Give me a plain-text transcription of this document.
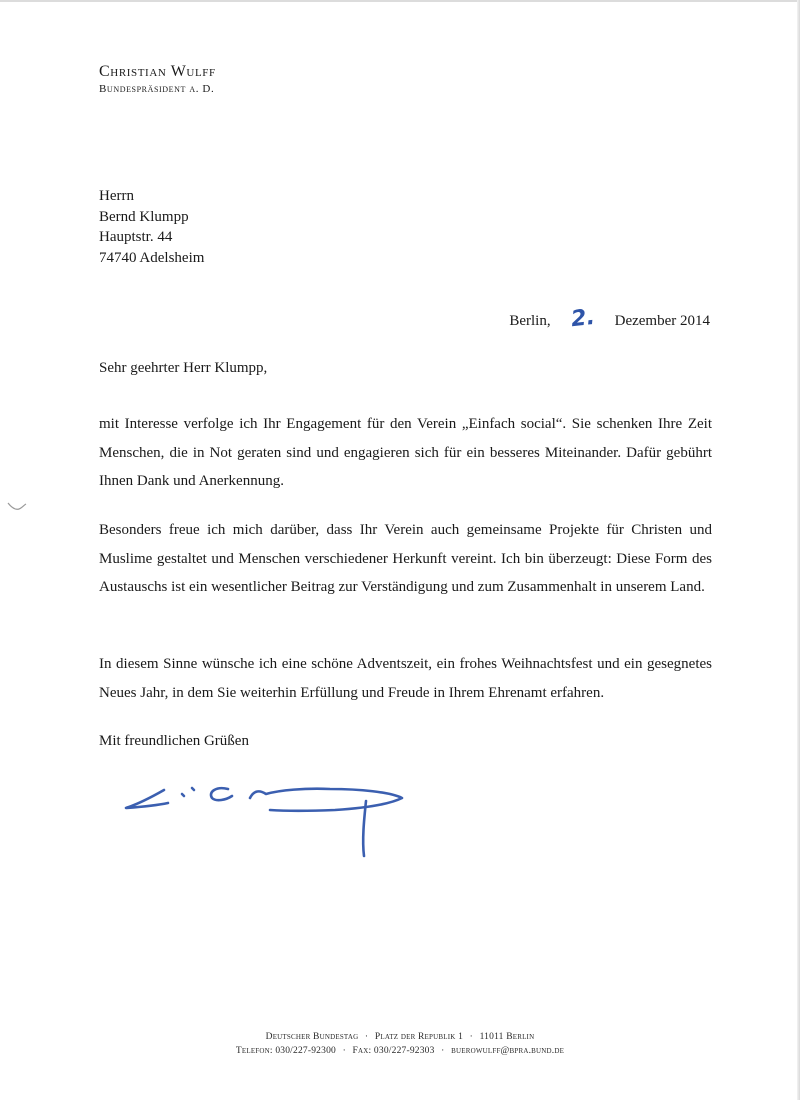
Christian Wulff
Bundespräsident a. D.
Herrn
Bernd Klumpp
Hauptstr. 44
74740 Adelsheim
Berlin, 2.	Dezember 2014
Sehr geehrter Herr Klumpp,

mit Interesse verfolge ich Ihr Engagement für den Verein „Einfach social“. Sie schenken Ihre Zeit Menschen, die in Not geraten sind und engagieren sich für ein besseres Miteinander. Dafür gebührt Ihnen Dank und Anerkennung.

Besonders freue ich mich darüber, dass Ihr Verein auch gemeinsame Projekte für Christen und Muslime gestaltet und Menschen verschiedener Herkunft vereint. Ich bin überzeugt: Diese Form des Austauschs ist ein wesentlicher Beitrag zur Verständigung und zum Zusammenhalt in unserem Land.

In diesem Sinne wünsche ich eine schöne Adventszeit, ein frohes Weihnachtsfest und ein gesegnetes Neues Jahr, in dem Sie weiterhin Erfüllung und Freude in Ihrem Ehrenamt erfahren.

Mit freundlichen Grüßen
Deutscher Bundestag · Platz der Republik 1 · 11011 Berlin
Telefon: 030/227-92300 · Fax: 030/227-92303 · buerowulff@bpra.bund.de
